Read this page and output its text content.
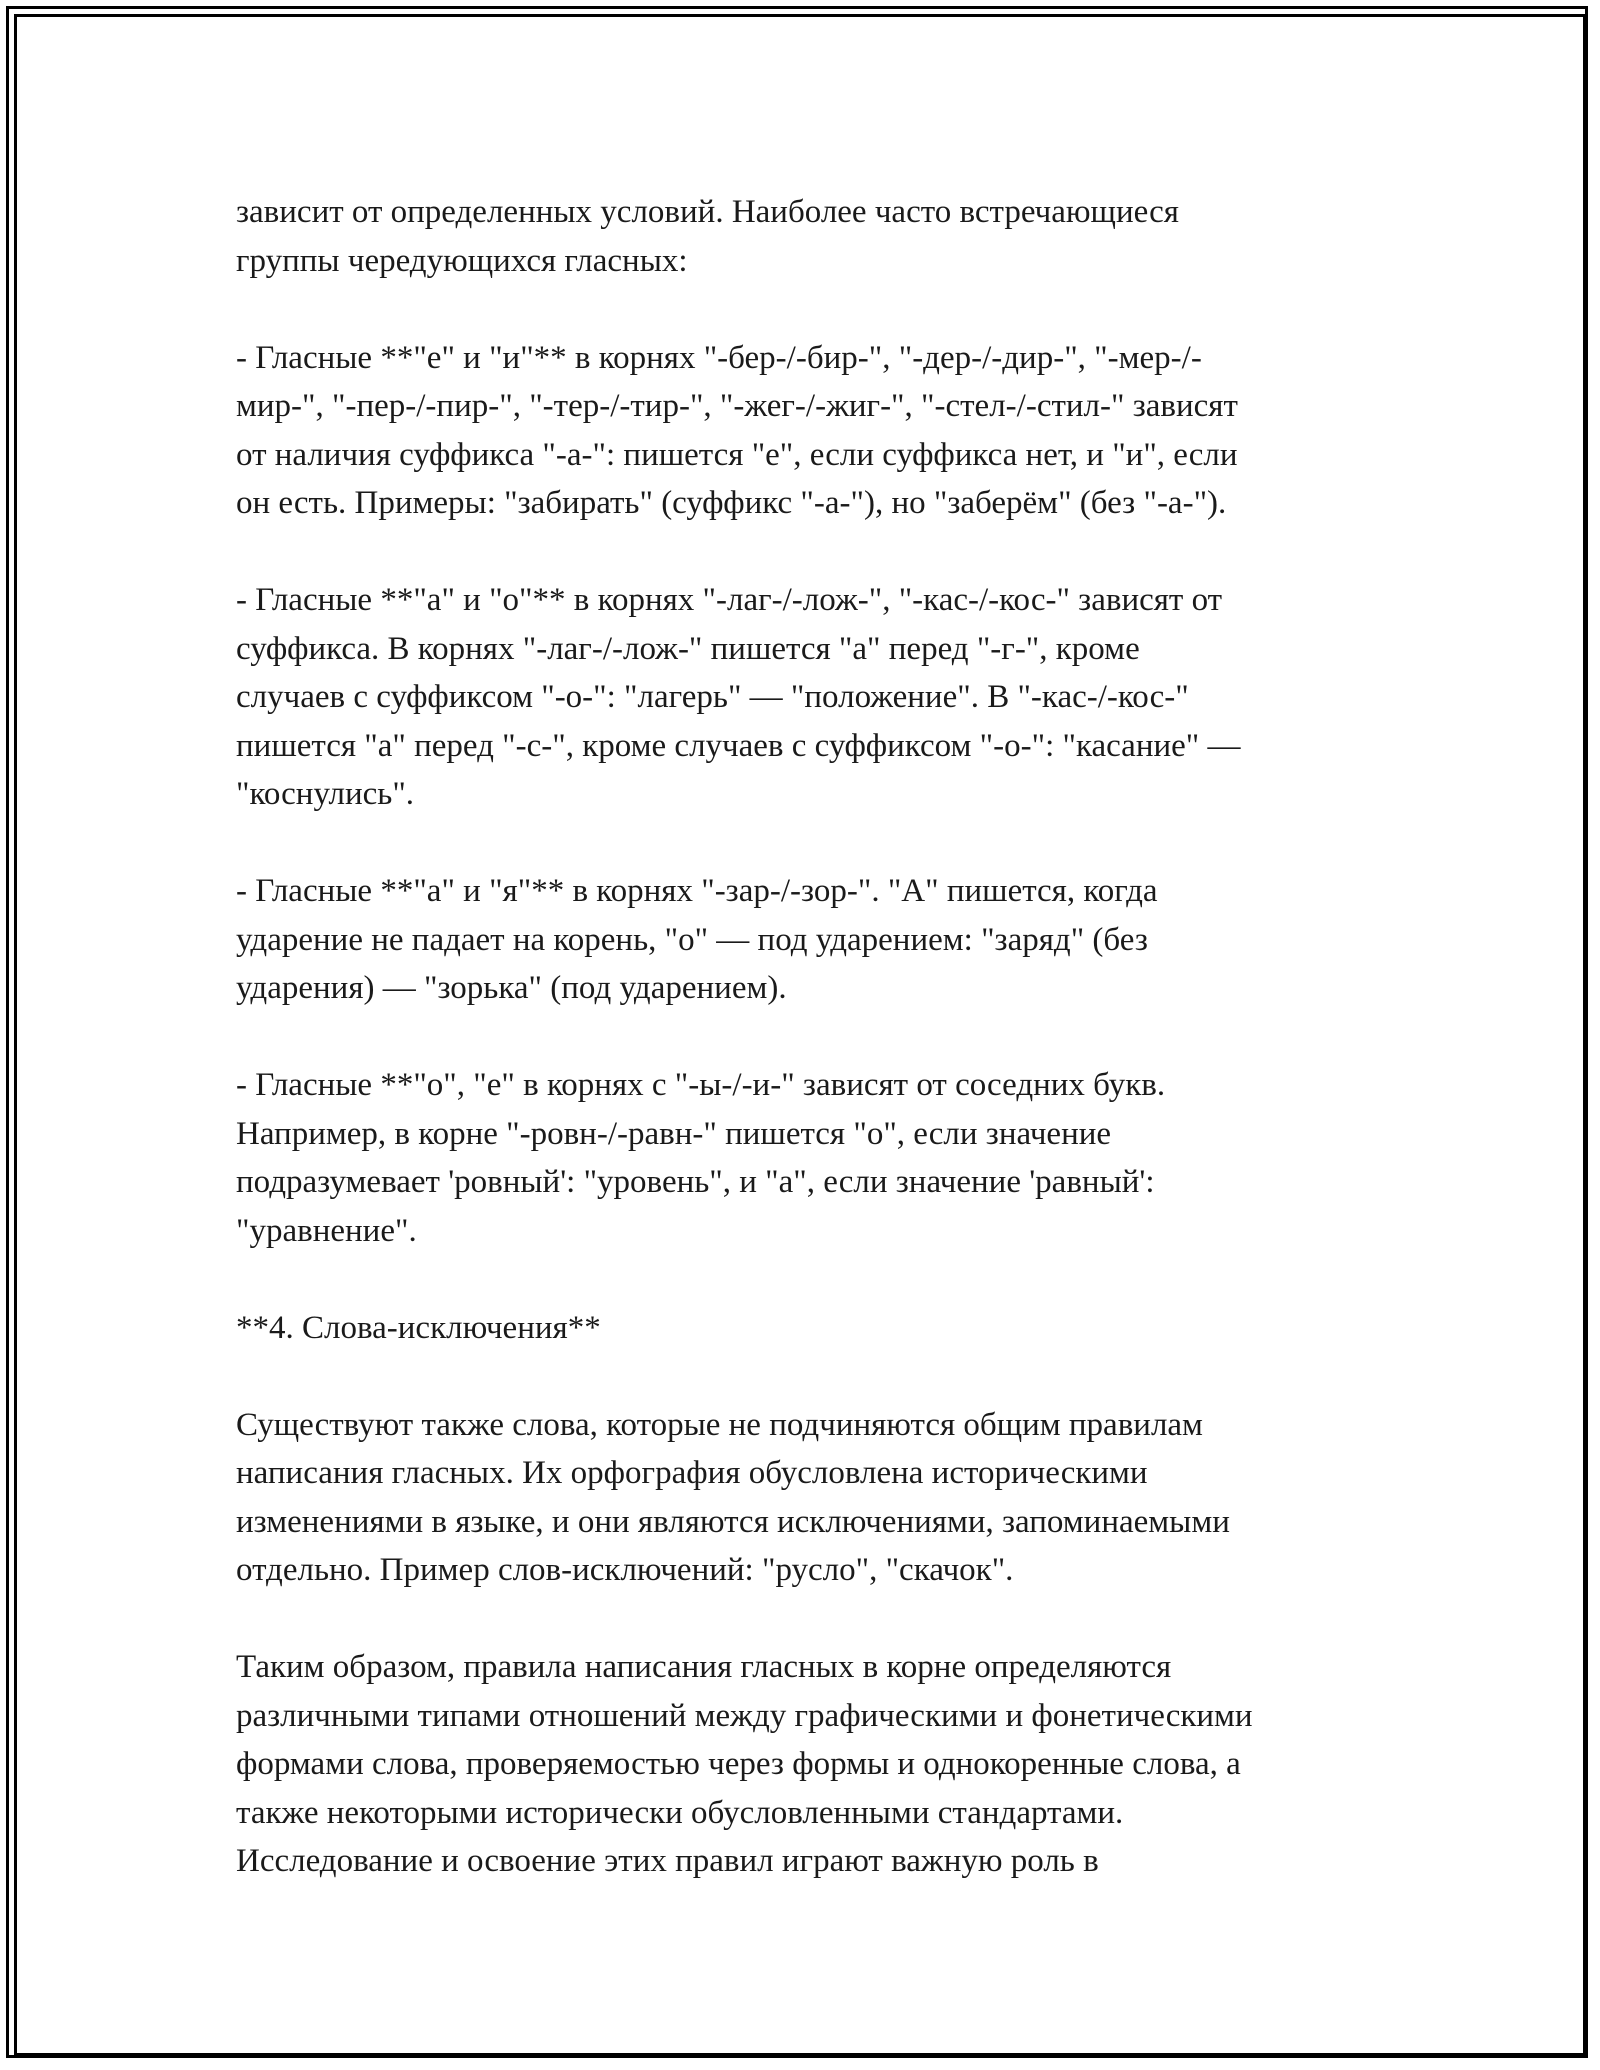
зависит от определенных условий. Наиболее часто встречающиеся
группы чередующихся гласных:

- Гласные **"е" и "и"** в корнях "-бер-/-бир-", "-дер-/-дир-", "-мер-/-
мир-", "-пер-/-пир-", "-тер-/-тир-", "-жег-/-жиг-", "-стел-/-стил-" зависят
от наличия суффикса "-а-": пишется "е", если суффикса нет, и "и", если
он есть. Примеры: "забирать" (суффикс "-а-"), но "заберём" (без "-а-").

- Гласные **"а" и "о"** в корнях "-лаг-/-лож-", "-кас-/-кос-" зависят от
суффикса. В корнях "-лаг-/-лож-" пишется "а" перед "-г-", кроме
случаев с суффиксом "-о-": "лагерь" — "положение". В "-кас-/-кос-"
пишется "а" перед "-с-", кроме случаев с суффиксом "-о-": "касание" —
"коснулись".

- Гласные **"а" и "я"** в корнях "-зар-/-зор-". "А" пишется, когда
ударение не падает на корень, "о" — под ударением: "заряд" (без
ударения) — "зорька" (под ударением).

- Гласные **"о", "е" в корнях с "-ы-/-и-" зависят от соседних букв.
Например, в корне "-ровн-/-равн-" пишется "о", если значение
подразумевает 'ровный': "уровень", и "а", если значение 'равный':
"уравнение".

**4. Слова-исключения**

Существуют также слова, которые не подчиняются общим правилам
написания гласных. Их орфография обусловлена историческими
изменениями в языке, и они являются исключениями, запоминаемыми
отдельно. Пример слов-исключений: "русло", "скачок".

Таким образом, правила написания гласных в корне определяются
различными типами отношений между графическими и фонетическими
формами слова, проверяемостью через формы и однокоренные слова, а
также некоторыми исторически обусловленными стандартами.
Исследование и освоение этих правил играют важную роль в
